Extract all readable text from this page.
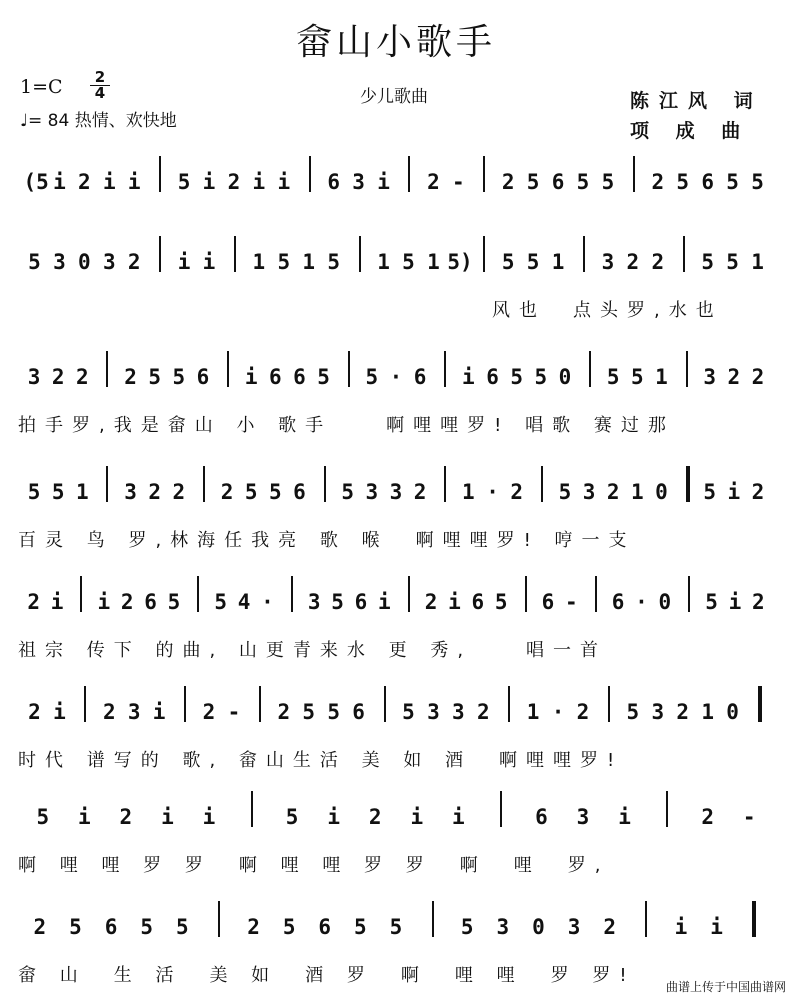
畲山小歌手
1=C	2
4
♩= 84 热情、欢快地
少儿歌曲	陈江风 词
项 成 曲
(5 i 2 i i 5 i 2 i i 6 3 i 2 - 2 5 6 5 5 2 5 6 5 5
5 3 0 3 2 i i 1 5 1 5 1 5 1 5) 5 5 1 3 2 2 5 5 1
风也　点头罗,水也
3 2 2 2 5 5 6 i 6 6 5 5 · 6 i 6 5 5 0 5 5 1 3 2 2
拍手罗,我是畲山 小 歌手　　啊哩哩罗! 唱歌 赛过那
5 5 1 3 2 2 2 5 5 6 5 3 3 2 1 · 2 5 3 2 1 0 5 i 2
百灵 鸟 罗,林海任我亮 歌 喉　啊哩哩罗! 哼一支
2 i i 2 6 5 5 4 · 3 5 6 i 2 i 6 5 6 - 6 · 0 5 i 2
祖宗 传下 的曲, 山更青来水 更 秀,　　唱一首
2 i 2 3 i 2 - 2 5 5 6 5 3 3 2 1 · 2 5 3 2 1 0
时代 谱写的 歌, 畲山生活 美 如 酒　啊哩哩罗!
5 i 2 i i	5 i 2 i i	6 3 i	2 -
啊 哩 哩 罗 罗　啊 哩 哩 罗 罗　啊　哩　罗,
2 5 6 5 5	2 5 6 5 5	5 3 0 3 2	i i
畲 山　生 活　美 如　酒 罗　啊　哩 哩　罗 罗!
曲谱上传于中国曲谱网
